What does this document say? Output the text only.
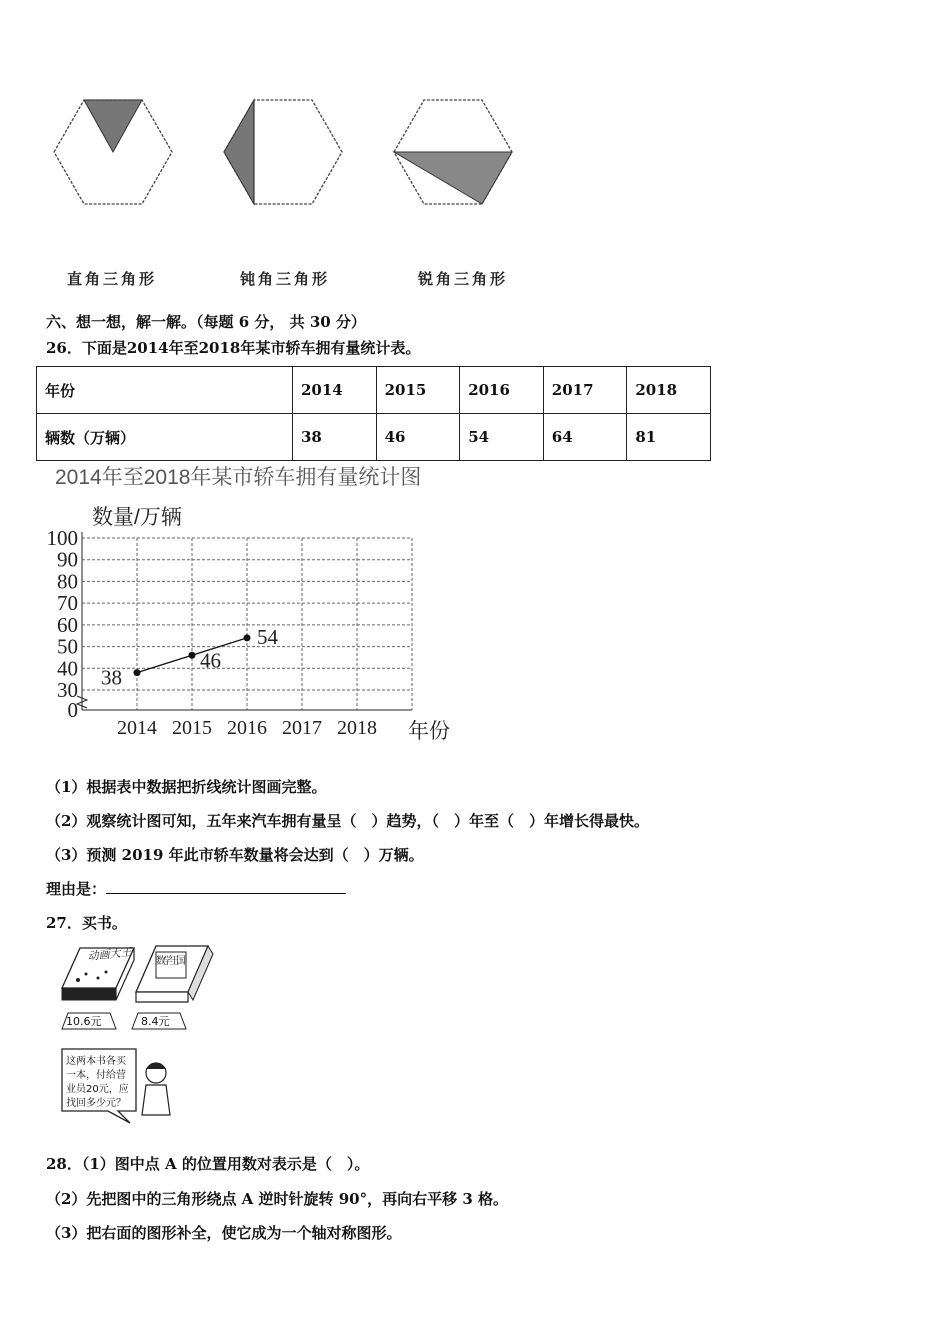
直角三角形	钝角三角形	锐角三角形
六、想一想，解一解。（每题 6 分， 共 30 分）
26．下面是2014年至2018年某市轿车拥有量统计表。
年份	2014	2015	2016	2017	2018
辆数（万辆）	38	46	54	64	81
2014年至2018年某市轿车拥有量统计图
数量/万辆
年份
0
30
40
50
60
70
80
90
100
2014 2015 2016 2017 2018
38
46
54
（1）根据表中数据把折线统计图画完整。
（2）观察统计图可知，五年来汽车拥有量呈（　）趋势，（　）年至（　）年增长得最快。
（3）预测 2019 年此市轿车数量将会达到（　）万辆。
理由是：
27．买书。
动画大王 数学王国
10.6元	8.4元
这两本书各买一本，付给营业员20元，应找回多少元？
28．（1）图中点 A 的位置用数对表示是（　）。
（2）先把图中的三角形绕点 A 逆时针旋转 90°，再向右平移 3 格。
（3）把右面的图形补全，使它成为一个轴对称图形。
